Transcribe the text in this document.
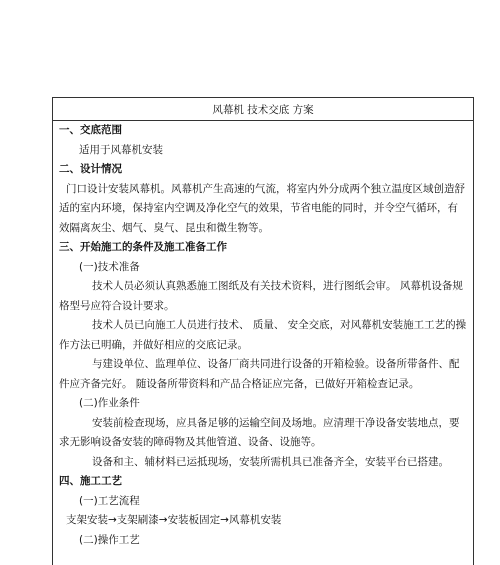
风幕机 技术交底 方案
一、交底范围
适用于风幕机安装
二、设计情况
门口设计安装风幕机。风幕机产生高速的气流，将室内外分成两个独立温度区域创造舒适的室内环境，保持室内空调及净化空气的效果，节省电能的同时，并令空气循环，有效隔离灰尘、烟气、臭气、昆虫和微生物等。
三、开始施工的条件及施工准备工作
(一)技术准备
技术人员必须认真熟悉施工图纸及有关技术资料，进行图纸会审。 风幕机设备规格型号应符合设计要求。
技术人员已向施工人员进行技术、 质量、 安全交底，对风幕机安装施工工艺的操作方法已明确，并做好相应的交底记录。
与建设单位、监理单位、设备厂商共同进行设备的开箱检验。设备所带备件、配件应齐备完好。 随设备所带资料和产品合格证应完备，已做好开箱检查记录。
(二)作业条件
安装前检查现场，应具备足够的运输空间及场地。应清理干净设备安装地点，要求无影响设备安装的障碍物及其他管道、设备、设施等。
设备和主、辅材料已运抵现场，安装所需机具已准备齐全，安装平台已搭建。
四、施工工艺
(一)工艺流程
支架安装→支架刷漆→安装板固定→风幕机安装
(二)操作工艺
